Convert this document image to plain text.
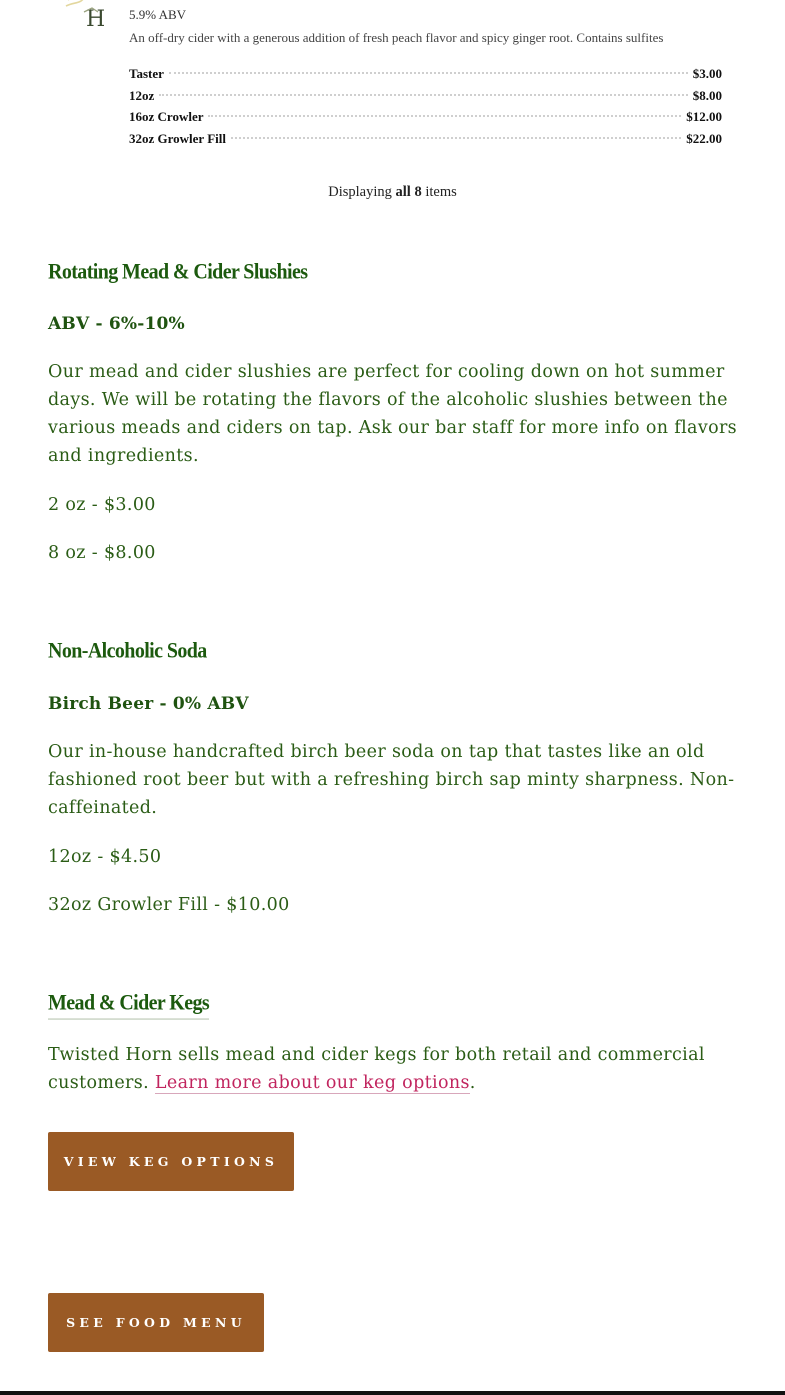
H 5.9% ABV
An off-dry cider with a generous addition of fresh peach flavor and spicy ginger root. Contains sulfites
Taster	$3.00
12oz	$8.00
16oz Crowler	$12.00
32oz Growler Fill	$22.00
Displaying all 8 items
Rotating Mead & Cider Slushies
ABV - 6%-10%
Our mead and cider slushies are perfect for cooling down on hot summer days. We will be rotating the flavors of the alcoholic slushies between the various meads and ciders on tap. Ask our bar staff for more info on flavors and ingredients.
2 oz - $3.00
8 oz - $8.00
Non-Alcoholic Soda
Birch Beer - 0% ABV
Our in-house handcrafted birch beer soda on tap that tastes like an old fashioned root beer but with a refreshing birch sap minty sharpness. Non-caffeinated.
12oz - $4.50
32oz Growler Fill - $10.00
Mead & Cider Kegs
Twisted Horn sells mead and cider kegs for both retail and commercial customers. Learn more about our keg options.
VIEW KEG OPTIONS
SEE FOOD MENU
